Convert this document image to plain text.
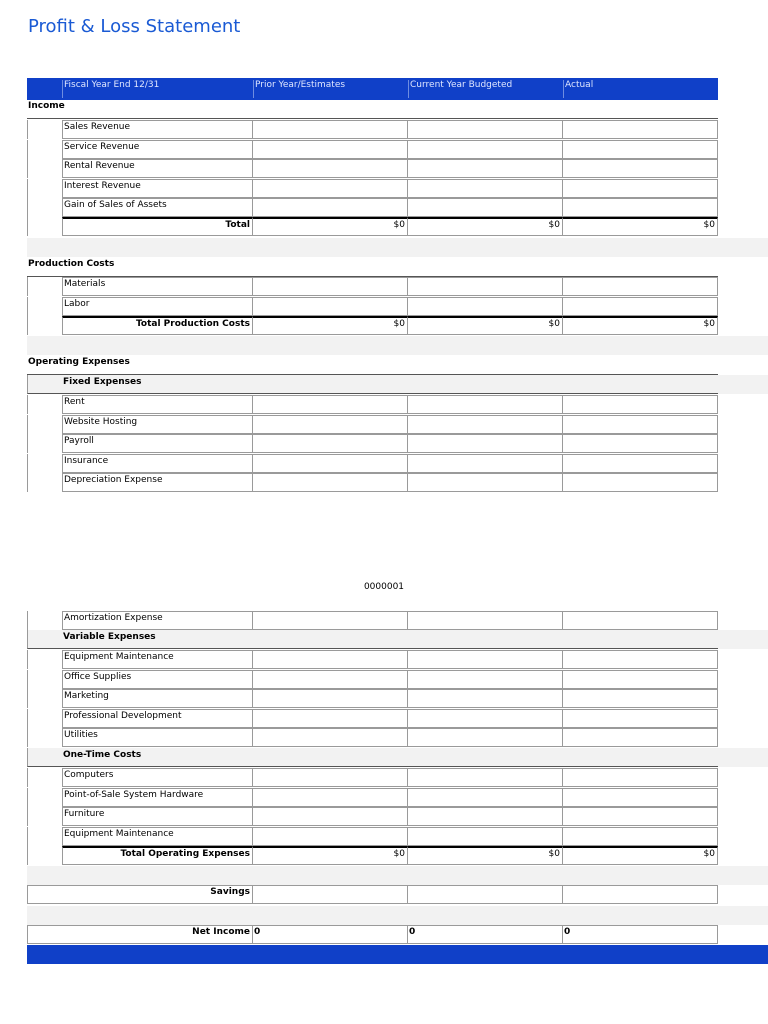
Profit & Loss Statement
Fiscal Year End 12/31	Prior Year/Estimates	Current Year Budgeted	Actual
Income
Sales Revenue
Service Revenue
Rental Revenue
Interest Revenue
Gain of Sales of Assets
Total	$0	$0	$0
Production Costs
Materials
Labor
Total Production Costs	$0	$0	$0
Operating Expenses
Fixed Expenses
Rent
Website Hosting
Payroll
Insurance
Depreciation Expense
0000001
Amortization Expense
Variable Expenses
Equipment Maintenance
Office Supplies
Marketing
Professional Development
Utilities
One-Time Costs
Computers
Point-of-Sale System Hardware
Furniture
Equipment Maintenance
Total Operating Expenses	$0	$0	$0
Savings
Net Income 0	0	0
